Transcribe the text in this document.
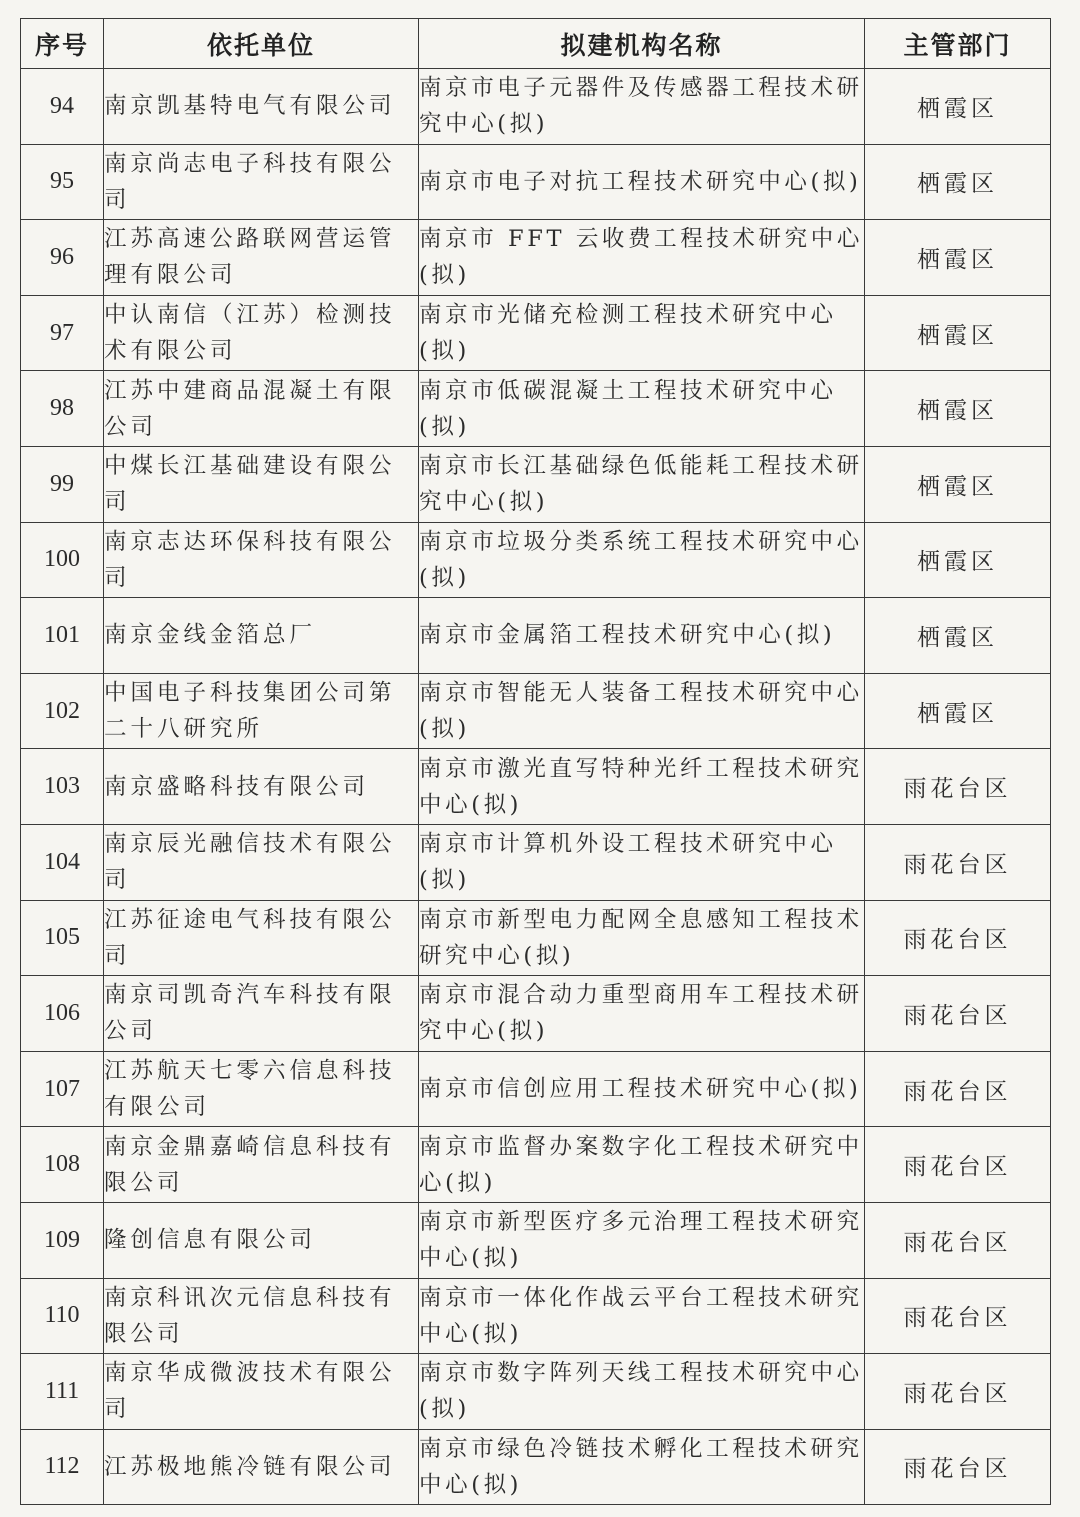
序号	依托单位	拟建机构名称	主管部门
94	南京凯基特电气有限公司	南京市电子元器件及传感器工程技术研究中心(拟)	栖霞区
95	南京尚志电子科技有限公司	南京市电子对抗工程技术研究中心(拟)	栖霞区
96	江苏高速公路联网营运管理有限公司	南京市 FFT 云收费工程技术研究中心(拟)	栖霞区
97	中认南信（江苏）检测技术有限公司	南京市光储充检测工程技术研究中心(拟)	栖霞区
98	江苏中建商品混凝土有限公司	南京市低碳混凝土工程技术研究中心(拟)	栖霞区
99	中煤长江基础建设有限公司	南京市长江基础绿色低能耗工程技术研究中心(拟)	栖霞区
100	南京志达环保科技有限公司	南京市垃圾分类系统工程技术研究中心(拟)	栖霞区
101	南京金线金箔总厂	南京市金属箔工程技术研究中心(拟)	栖霞区
102	中国电子科技集团公司第二十八研究所	南京市智能无人装备工程技术研究中心(拟)	栖霞区
103	南京盛略科技有限公司	南京市激光直写特种光纤工程技术研究中心(拟)	雨花台区
104	南京辰光融信技术有限公司	南京市计算机外设工程技术研究中心(拟)	雨花台区
105	江苏征途电气科技有限公司	南京市新型电力配网全息感知工程技术研究中心(拟)	雨花台区
106	南京司凯奇汽车科技有限公司	南京市混合动力重型商用车工程技术研究中心(拟)	雨花台区
107	江苏航天七零六信息科技有限公司	南京市信创应用工程技术研究中心(拟)	雨花台区
108	南京金鼎嘉崎信息科技有限公司	南京市监督办案数字化工程技术研究中心(拟)	雨花台区
109	隆创信息有限公司	南京市新型医疗多元治理工程技术研究中心(拟)	雨花台区
110	南京科讯次元信息科技有限公司	南京市一体化作战云平台工程技术研究中心(拟)	雨花台区
111	南京华成微波技术有限公司	南京市数字阵列天线工程技术研究中心(拟)	雨花台区
112	江苏极地熊冷链有限公司	南京市绿色冷链技术孵化工程技术研究中心(拟)	雨花台区
